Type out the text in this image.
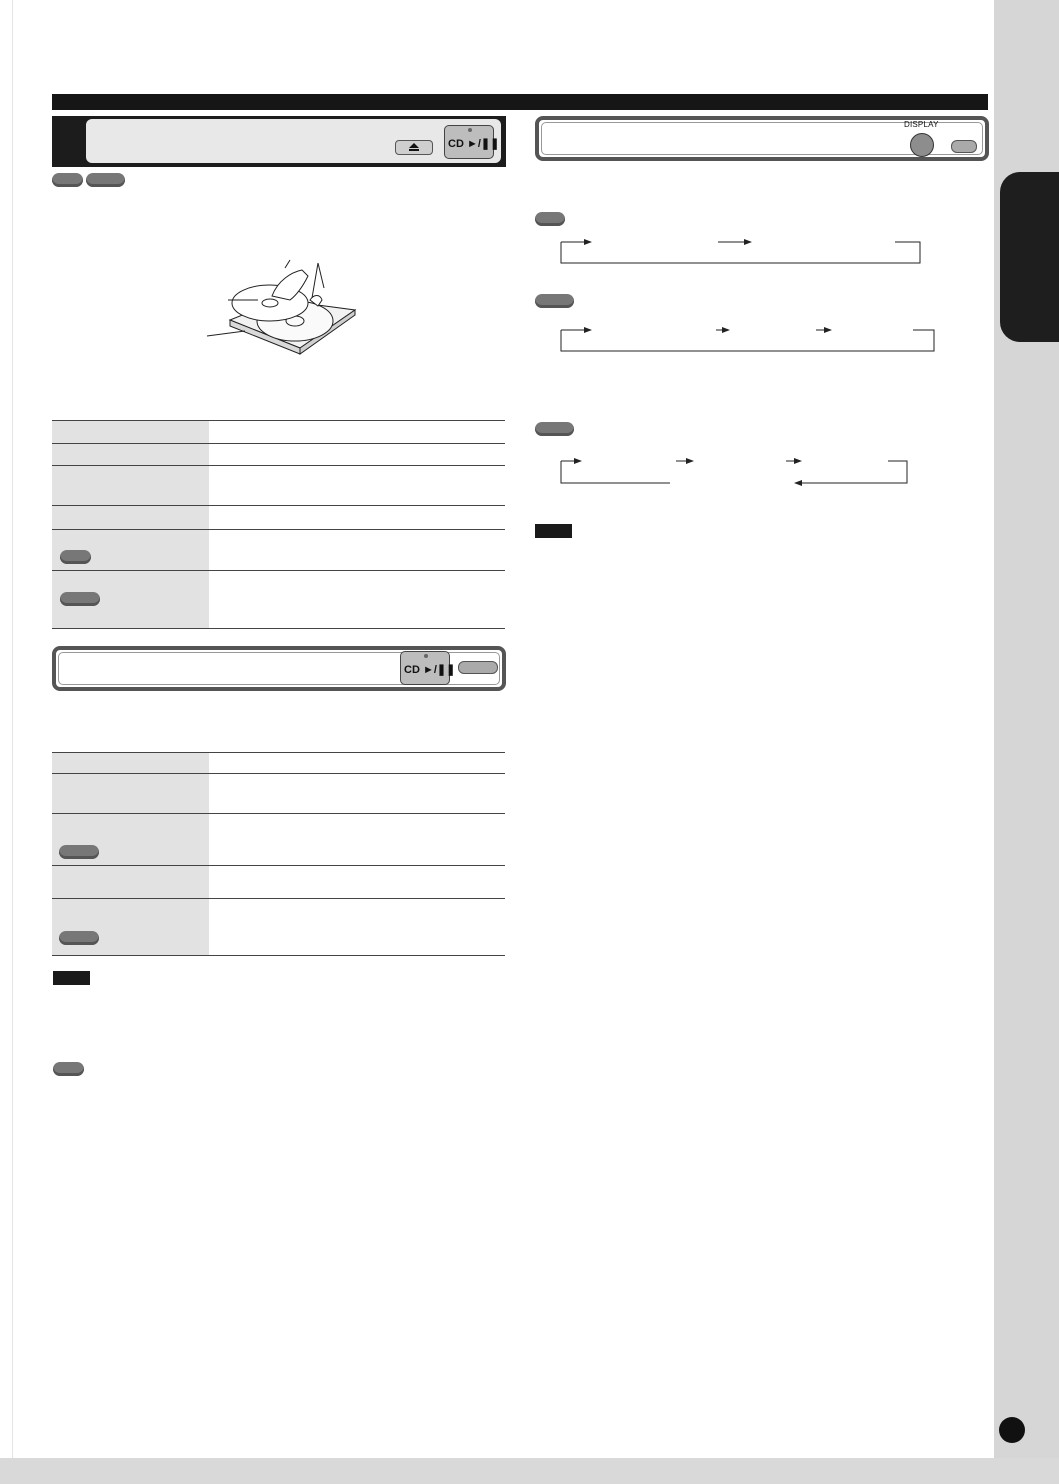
CD ►/❚❚
CD ►/❚❚
DISPLAY
